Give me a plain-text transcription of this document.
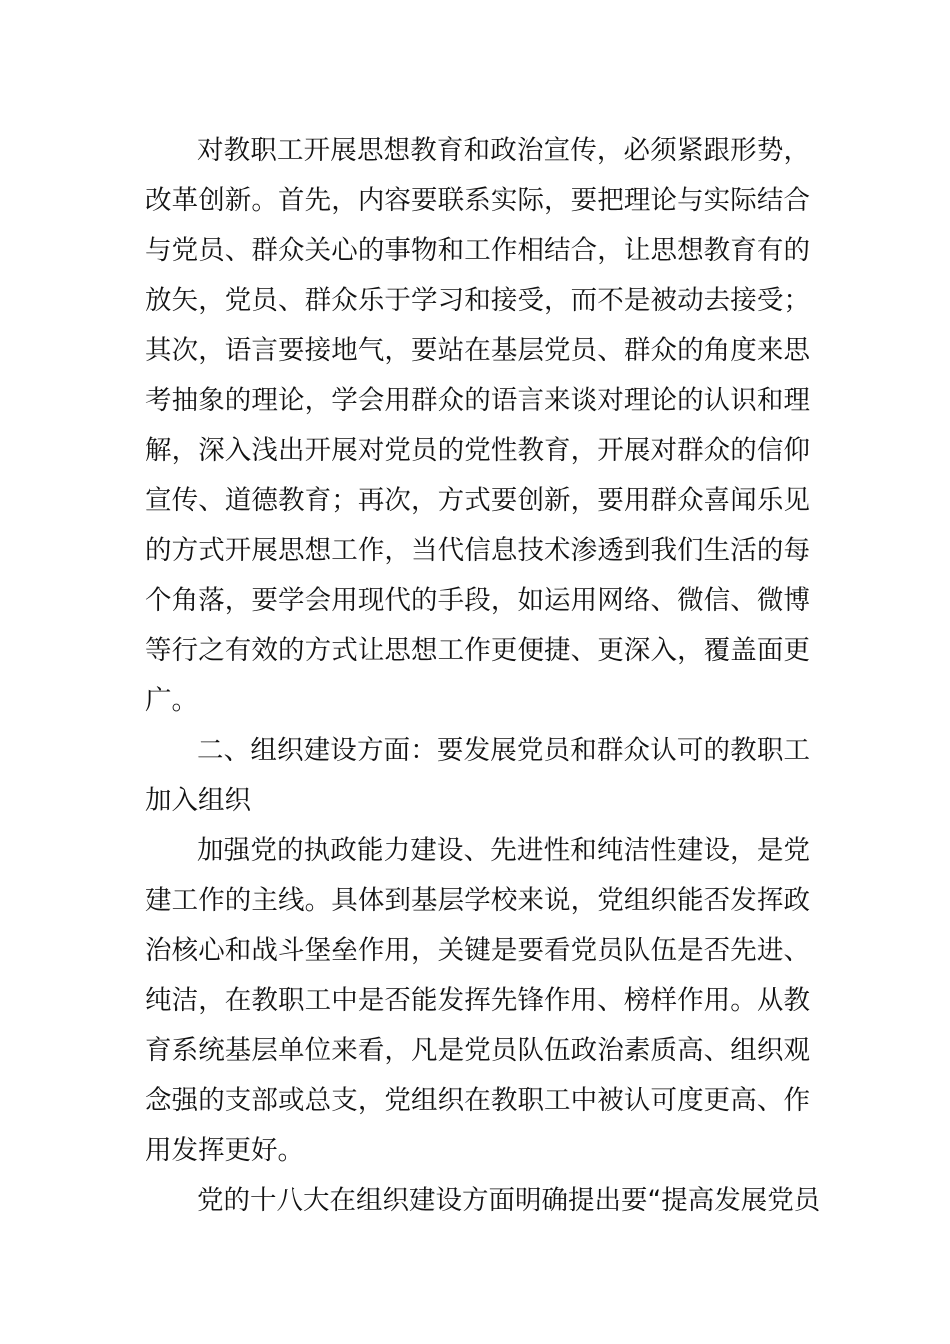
对教职工开展思想教育和政治宣传，必须紧跟形势，
改革创新。首先，内容要联系实际，要把理论与实际结合
与党员、群众关心的事物和工作相结合，让思想教育有的
放矢，党员、群众乐于学习和接受，而不是被动去接受；
其次，语言要接地气，要站在基层党员、群众的角度来思
考抽象的理论，学会用群众的语言来谈对理论的认识和理
解，深入浅出开展对党员的党性教育，开展对群众的信仰
宣传、道德教育；再次，方式要创新，要用群众喜闻乐见
的方式开展思想工作，当代信息技术渗透到我们生活的每
个角落，要学会用现代的手段，如运用网络、微信、微博
等行之有效的方式让思想工作更便捷、更深入，覆盖面更
广。
二、组织建设方面：要发展党员和群众认可的教职工
加入组织
加强党的执政能力建设、先进性和纯洁性建设，是党
建工作的主线。具体到基层学校来说，党组织能否发挥政
治核心和战斗堡垒作用，关键是要看党员队伍是否先进、
纯洁，在教职工中是否能发挥先锋作用、榜样作用。从教
育系统基层单位来看，凡是党员队伍政治素质高、组织观
念强的支部或总支，党组织在教职工中被认可度更高、作
用发挥更好。
党的十八大在组织建设方面明确提出要“提高发展党员
